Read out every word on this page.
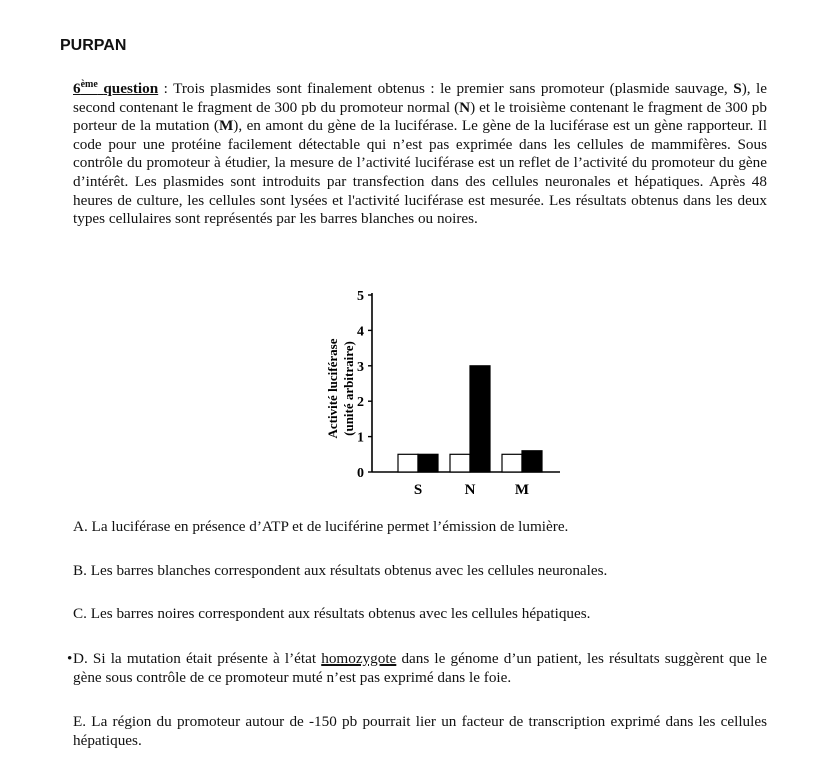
PURPAN
6ème question : Trois plasmides sont finalement obtenus : le premier sans promoteur (plasmide sauvage, S), le second contenant le fragment de 300 pb du promoteur normal (N) et le troisième contenant le fragment de 300 pb porteur de la mutation (M), en amont du gène de la luciférase. Le gène de la luciférase est un gène rapporteur. Il code pour une protéine facilement détectable qui n’est pas exprimée dans les cellules de mammifères. Sous contrôle du promoteur à étudier, la mesure de l’activité luciférase est un reflet de l’activité du promoteur du gène d’intérêt. Les plasmides sont introduits par transfection dans des cellules neuronales et hépatiques. Après 48 heures de culture, les cellules sont lysées et l'activité luciférase est mesurée. Les résultats obtenus dans les deux types cellulaires sont représentés par les barres blanches ou noires.
Activité luciférase (unité arbitraire)
0
1
2
3
4
5
S	N	M
A. La luciférase en présence d’ATP et de luciférine permet l’émission de lumière.
B. Les barres blanches correspondent aux résultats obtenus avec les cellules neuronales.
C. Les barres noires correspondent aux résultats obtenus avec les cellules hépatiques.
• D. Si la mutation était présente à l’état homozygote dans le génome d’un patient, les résultats suggèrent que le gène sous contrôle de ce promoteur muté n’est pas exprimé dans le foie.
E. La région du promoteur autour de -150 pb pourrait lier un facteur de transcription exprimé dans les cellules hépatiques.
